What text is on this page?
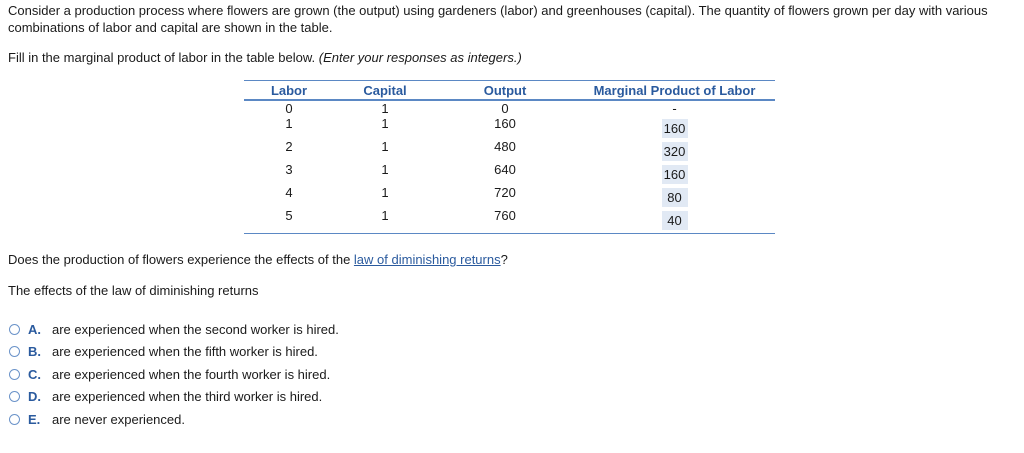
Consider a production process where flowers are grown (the output) using gardeners (labor) and greenhouses (capital). The quantity of flowers grown per day with various combinations of labor and capital are shown in the table.

Fill in the marginal product of labor in the table below. (Enter your responses as integers.)

Labor	Capital	Output	Marginal Product of Labor
0	1	0	-
1	1	160	160
2	1	480	320
3	1	640	160
4	1	720	80
5	1	760	40

Does the production of flowers experience the effects of the law of diminishing returns?

The effects of the law of diminishing returns

A. are experienced when the second worker is hired.
B. are experienced when the fifth worker is hired.
C. are experienced when the fourth worker is hired.
D. are experienced when the third worker is hired.
E. are never experienced.
